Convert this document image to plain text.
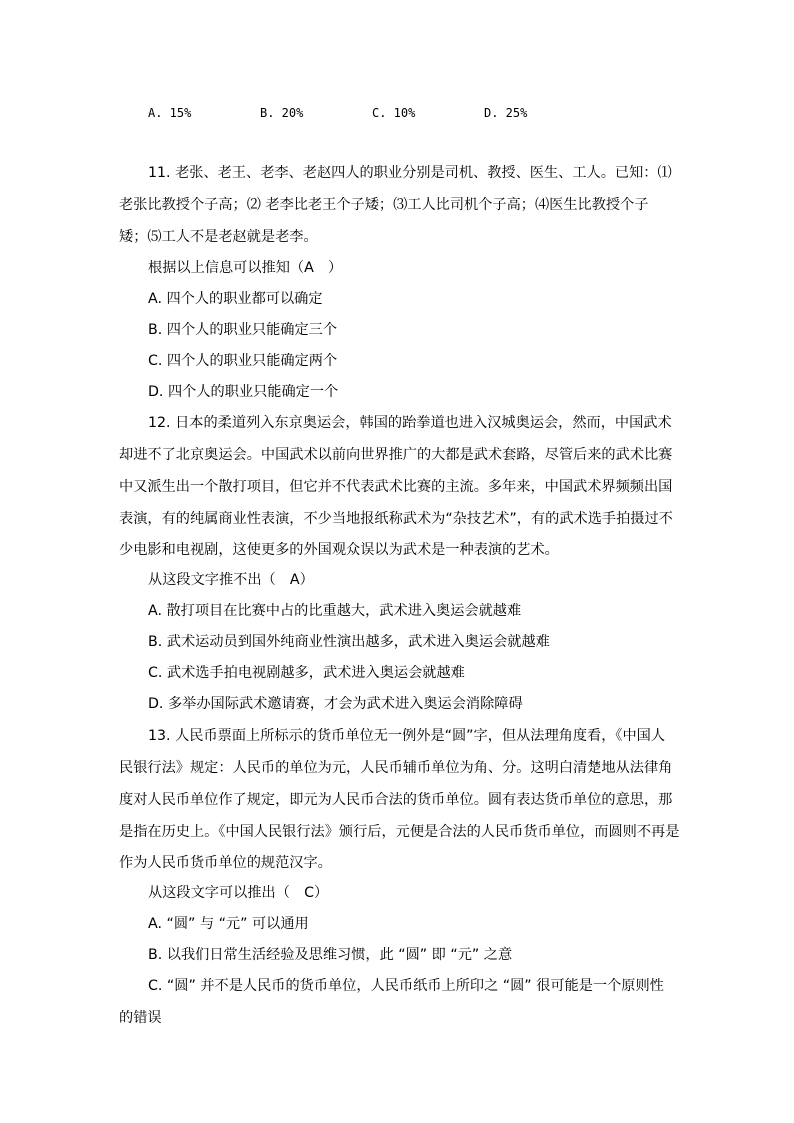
A. 15%	B. 20%	C. 10%	D. 25%
11. 老张、老王、老李、老赵四人的职业分别是司机、教授、医生、工人。已知：⑴
老张比教授个子高；⑵ 老李比老王个子矮；⑶工人比司机个子高；⑷医生比教授个子
矮；⑸工人不是老赵就是老李。
根据以上信息可以推知（A　）
A. 四个人的职业都可以确定
B. 四个人的职业只能确定三个
C. 四个人的职业只能确定两个
D. 四个人的职业只能确定一个
12. 日本的柔道列入东京奥运会，韩国的跆拳道也进入汉城奥运会，然而，中国武术
却进不了北京奥运会。中国武术以前向世界推广的大都是武术套路，尽管后来的武术比赛
中又派生出一个散打项目，但它并不代表武术比赛的主流。多年来，中国武术界频频出国
表演，有的纯属商业性表演，不少当地报纸称武术为“杂技艺术”，有的武术选手拍摄过不
少电影和电视剧，这使更多的外国观众误以为武术是一种表演的艺术。
从这段文字推不出（　A）
A. 散打项目在比赛中占的比重越大，武术进入奥运会就越难
B. 武术运动员到国外纯商业性演出越多，武术进入奥运会就越难
C. 武术选手拍电视剧越多，武术进入奥运会就越难
D. 多举办国际武术邀请赛，才会为武术进入奥运会消除障碍
13. 人民币票面上所标示的货币单位无一例外是“圆”字，但从法理角度看，《中国人
民银行法》规定：人民币的单位为元，人民币辅币单位为角、分。这明白清楚地从法律角
度对人民币单位作了规定，即元为人民币合法的货币单位。圆有表达货币单位的意思，那
是指在历史上。《中国人民银行法》颁行后，元便是合法的人民币货币单位，而圆则不再是
作为人民币货币单位的规范汉字。
从这段文字可以推出（　C）
A. “圆” 与 “元” 可以通用
B. 以我们日常生活经验及思维习惯，此 “圆” 即 “元” 之意
C. “圆” 并不是人民币的货币单位，人民币纸币上所印之 “圆” 很可能是一个原则性
的错误
